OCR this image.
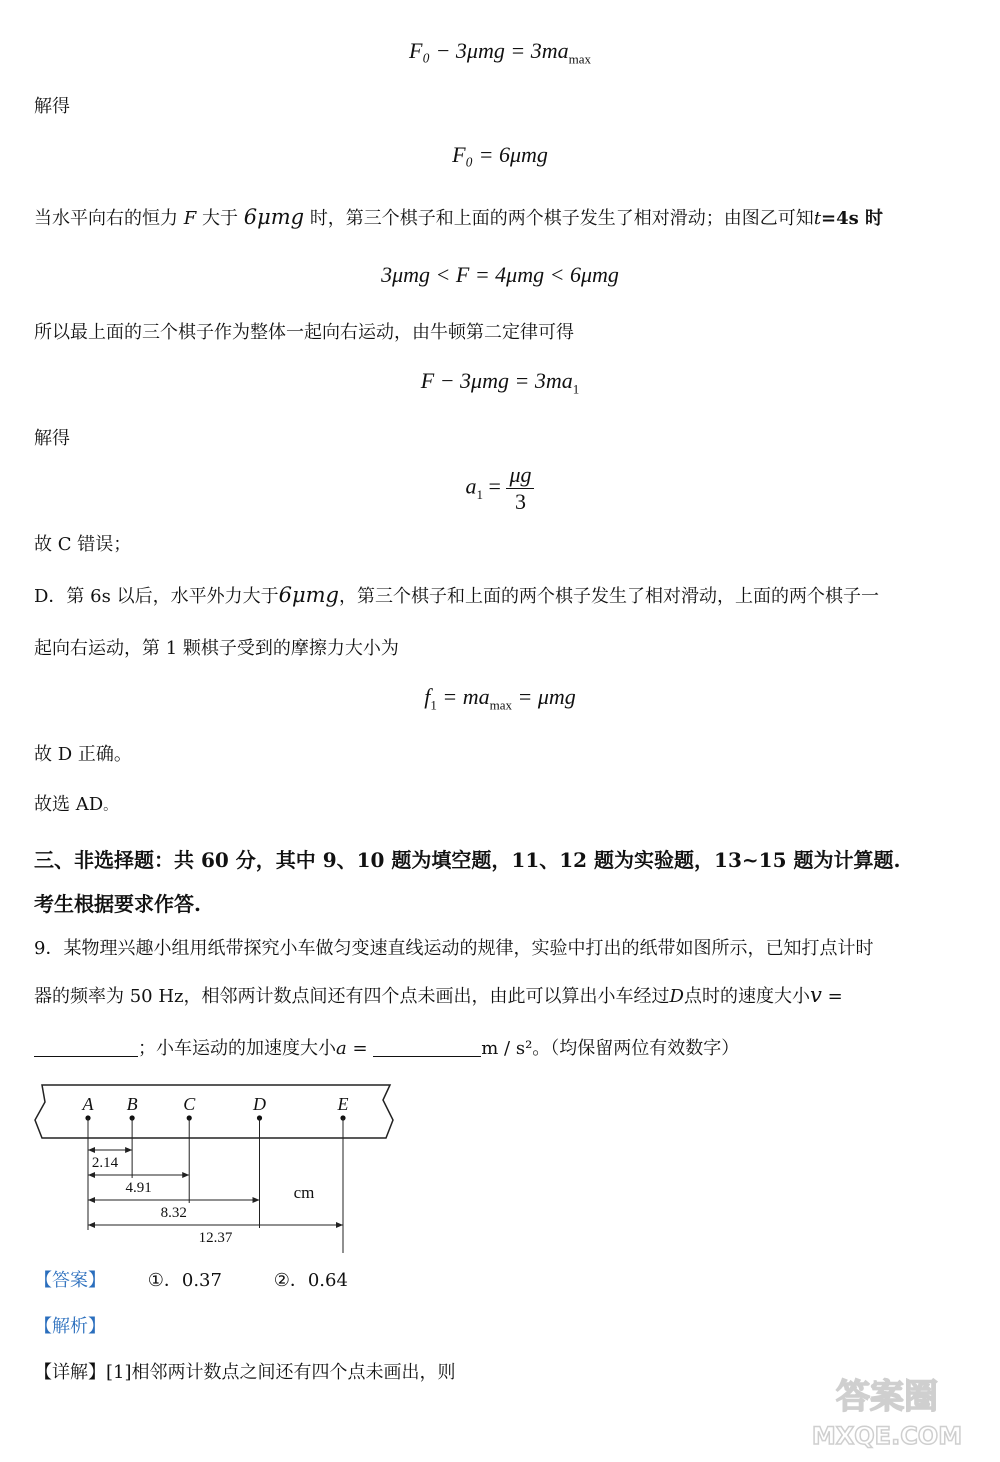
$F_0 - 3\mu mg = 3ma_{max}$
解得
F₀ = 6μmg
当水平向右的恒力 F 大于 6μmg 时，第三个棋子和上面的两个棋子发生了相对滑动；由图乙可知t=4s 时
3μmg < F = 4μmg < 6μmg
所以最上面的三个棋子作为整体一起向右运动，由牛顿第二定律可得
$F - 3\mu mg = 3ma_1$
解得
$a_1 = \frac{\mu g}{3}$
故 C 错误；
D．第 6s 以后，水平外力大于6μmg，第三个棋子和上面的两个棋子发生了相对滑动，上面的两个棋子一
起向右运动，第 1 颗棋子受到的摩擦力大小为
$f_1 = ma_{max} = \mu mg$
故 D 正确。
故选 AD。
三、非选择题：共 60 分，其中 9、10 题为填空题，11、12 题为实验题，13~15 题为计算题.
考生根据要求作答.
9．某物理兴趣小组用纸带探究小车做匀变速直线运动的规律，实验中打出的纸带如图所示，已知打点计时
器的频率为 50 Hz，相邻两计数点间还有四个点未画出，由此可以算出小车经过D点时的速度大小v =
；小车运动的加速度大小a =	m / s²。（均保留两位有效数字）
A B	C	D	E
2.14
4.91
8.32
12.37
cm
【答案】 ①．0.37	②．0.64
【解析】
【详解】[1]相邻两计数点之间还有四个点未画出，则
答案圈
MXQE.COM
